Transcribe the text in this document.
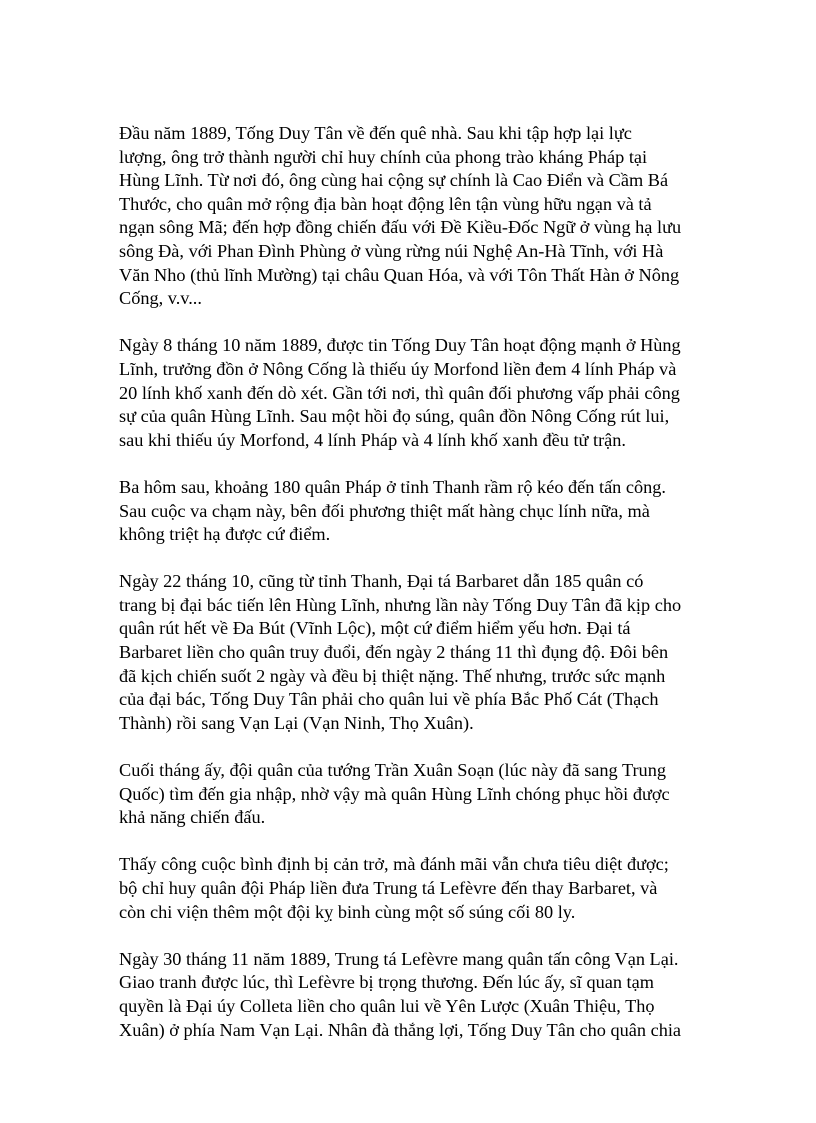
Đầu năm 1889, Tống Duy Tân về đến quê nhà. Sau khi tập hợp lại lực
lượng, ông trở thành người chỉ huy chính của phong trào kháng Pháp tại
Hùng Lĩnh. Từ nơi đó, ông cùng hai cộng sự chính là Cao Điển và Cầm Bá
Thước, cho quân mở rộng địa bàn hoạt động lên tận vùng hữu ngạn và tả
ngạn sông Mã; đến hợp đồng chiến đấu với Đề Kiều-Đốc Ngữ ở vùng hạ lưu
sông Đà, với Phan Đình Phùng ở vùng rừng núi Nghệ An-Hà Tĩnh, với Hà
Văn Nho (thủ lĩnh Mường) tại châu Quan Hóa, và với Tôn Thất Hàn ở Nông
Cống, v.v...

Ngày 8 tháng 10 năm 1889, được tin Tống Duy Tân hoạt động mạnh ở Hùng
Lĩnh, trưởng đồn ở Nông Cống là thiếu úy Morfond liền đem 4 lính Pháp và
20 lính khố xanh đến dò xét. Gần tới nơi, thì quân đối phương vấp phải công
sự của quân Hùng Lĩnh. Sau một hồi đọ súng, quân đồn Nông Cống rút lui,
sau khi thiếu úy Morfond, 4 lính Pháp và 4 lính khố xanh đều tử trận.

Ba hôm sau, khoảng 180 quân Pháp ở tỉnh Thanh rầm rộ kéo đến tấn công.
Sau cuộc va chạm này, bên đối phương thiệt mất hàng chục lính nữa, mà
không triệt hạ được cứ điểm.

Ngày 22 tháng 10, cũng từ tỉnh Thanh, Đại tá Barbaret dẫn 185 quân có
trang bị đại bác tiến lên Hùng Lĩnh, nhưng lần này Tống Duy Tân đã kịp cho
quân rút hết về Đa Bút (Vĩnh Lộc), một cứ điểm hiểm yếu hơn. Đại tá
Barbaret liền cho quân truy đuổi, đến ngày 2 tháng 11 thì đụng độ. Đôi bên
đã kịch chiến suốt 2 ngày và đều bị thiệt nặng. Thế nhưng, trước sức mạnh
của đại bác, Tống Duy Tân phải cho quân lui về phía Bắc Phố Cát (Thạch
Thành) rồi sang Vạn Lại (Vạn Ninh, Thọ Xuân).

Cuối tháng ấy, đội quân của tướng Trần Xuân Soạn (lúc này đã sang Trung
Quốc) tìm đến gia nhập, nhờ vậy mà quân Hùng Lĩnh chóng phục hồi được
khả năng chiến đấu.

Thấy công cuộc bình định bị cản trở, mà đánh mãi vẫn chưa tiêu diệt được;
bộ chỉ huy quân đội Pháp liền đưa Trung tá Lefèvre đến thay Barbaret, và
còn chi viện thêm một đội kỵ binh cùng một số súng cối 80 ly.

Ngày 30 tháng 11 năm 1889, Trung tá Lefèvre mang quân tấn công Vạn Lại.
Giao tranh được lúc, thì Lefèvre bị trọng thương. Đến lúc ấy, sĩ quan tạm
quyền là Đại úy Colleta liền cho quân lui về Yên Lược (Xuân Thiệu, Thọ
Xuân) ở phía Nam Vạn Lại. Nhân đà thắng lợi, Tống Duy Tân cho quân chia
